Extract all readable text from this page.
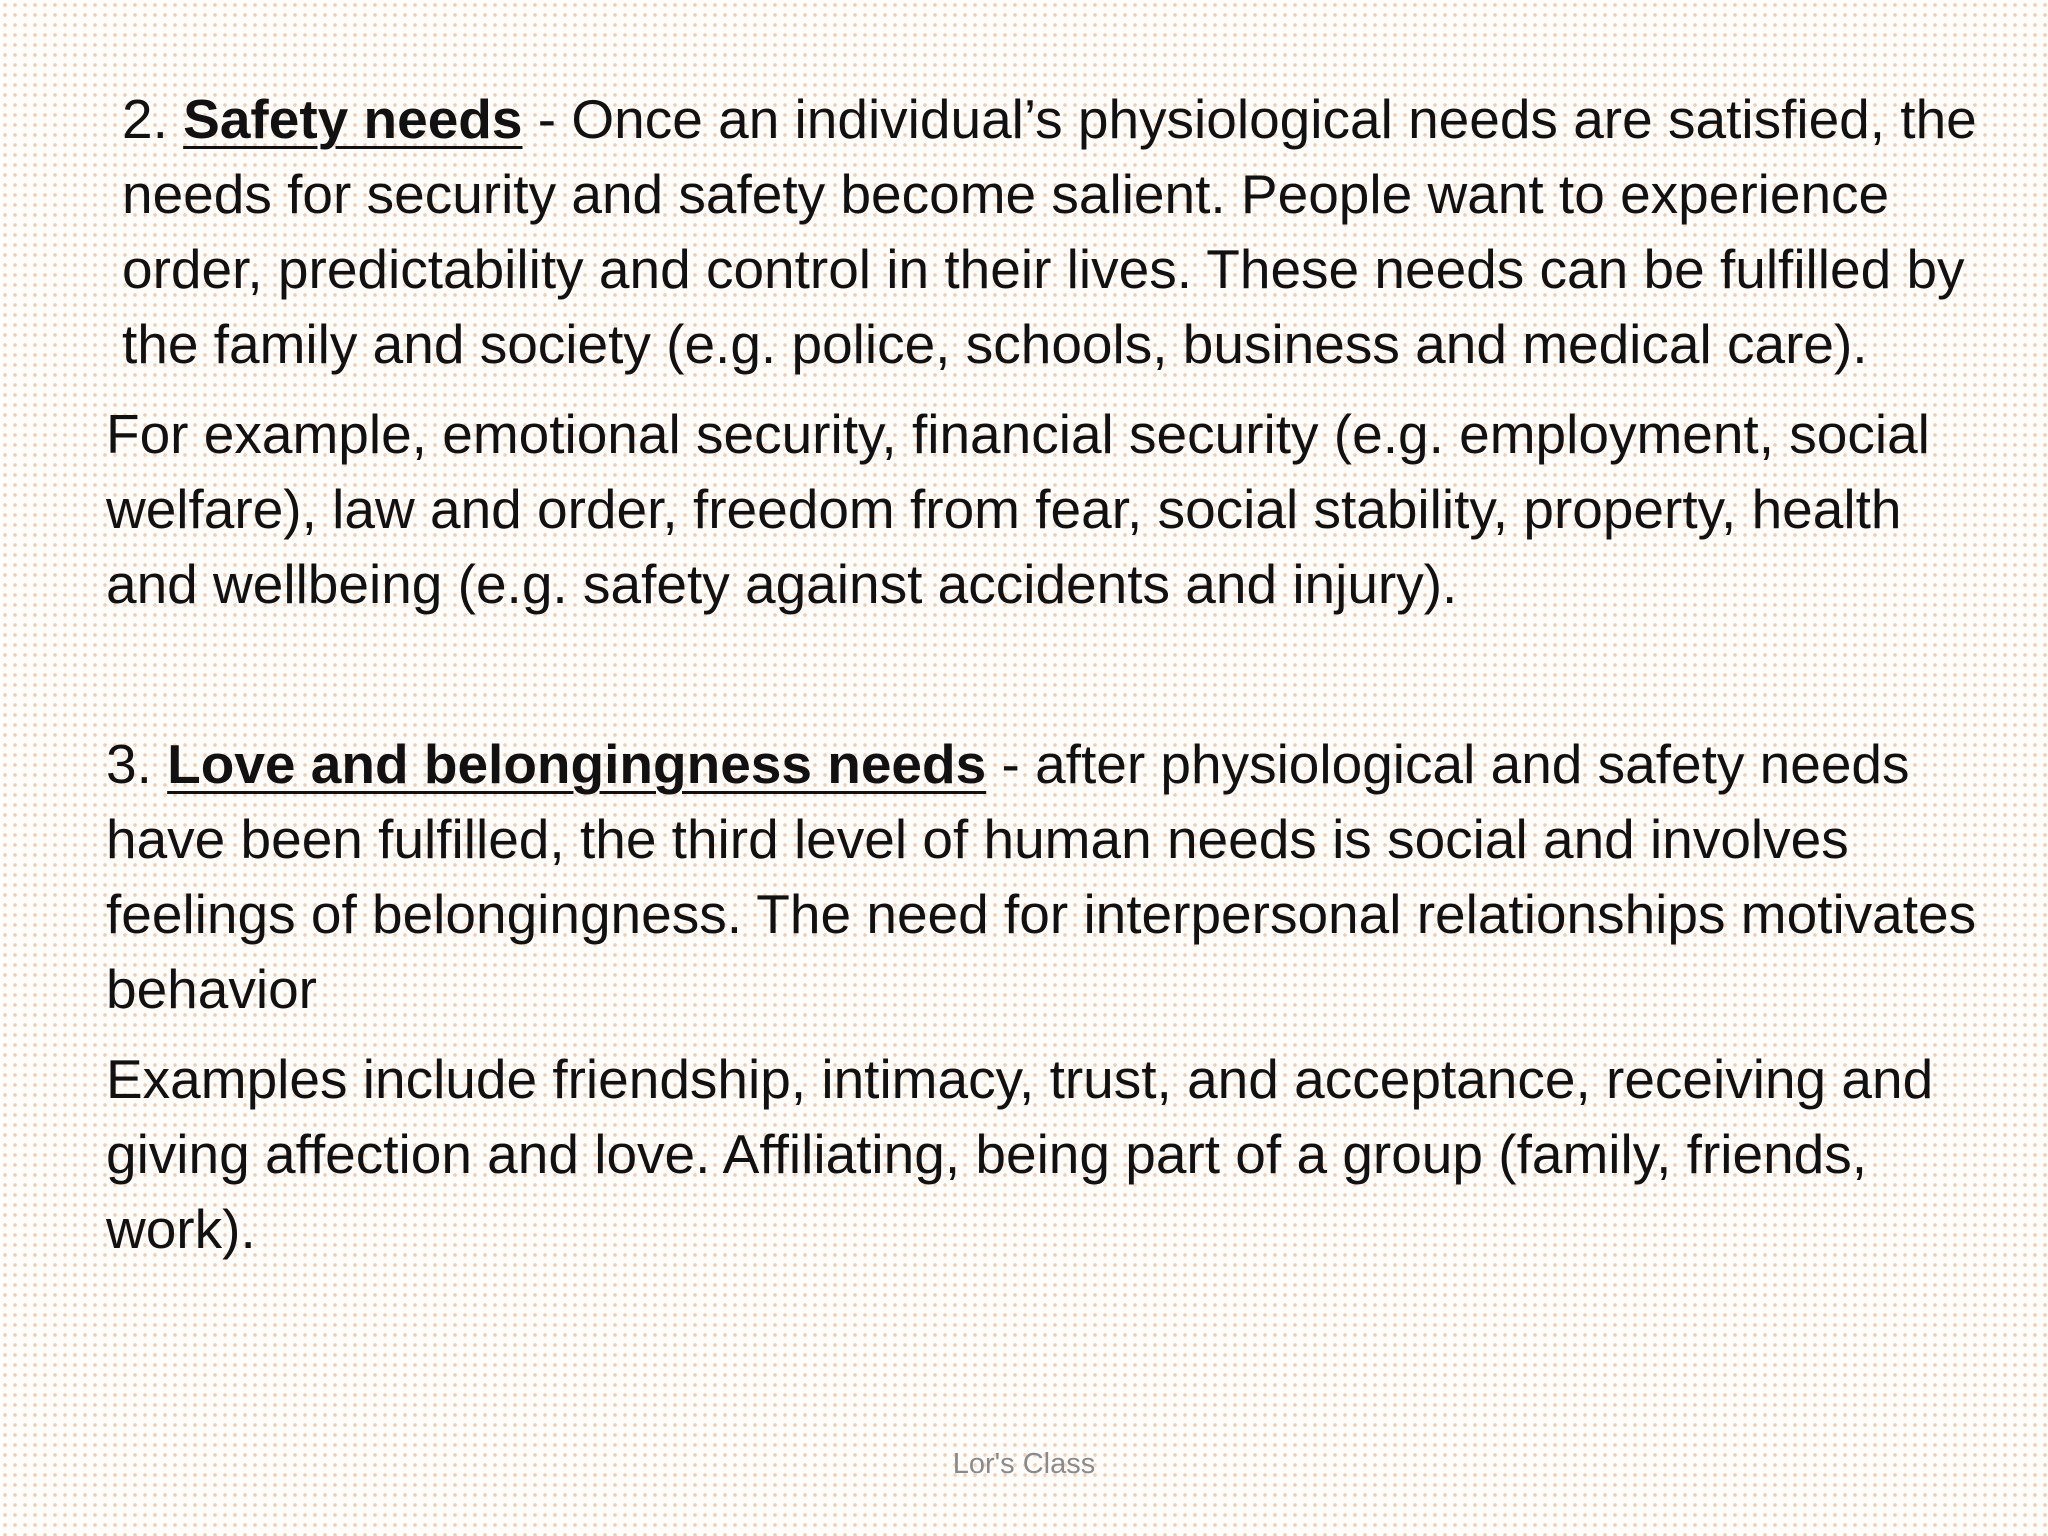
2. Safety needs - Once an individual’s physiological needs are satisfied, the needs for security and safety become salient. People want to experience order, predictability and control in their lives. These needs can be fulfilled by the family and society (e.g. police, schools, business and medical care).

For example, emotional security, financial security (e.g. employment, social welfare), law and order, freedom from fear, social stability, property, health and wellbeing (e.g. safety against accidents and injury).

3. Love and belongingness needs - after physiological and safety needs have been fulfilled, the third level of human needs is social and involves feelings of belongingness. The need for interpersonal relationships motivates behavior

Examples include friendship, intimacy, trust, and acceptance, receiving and giving affection and love. Affiliating, being part of a group (family, friends, work).

Lor's Class
